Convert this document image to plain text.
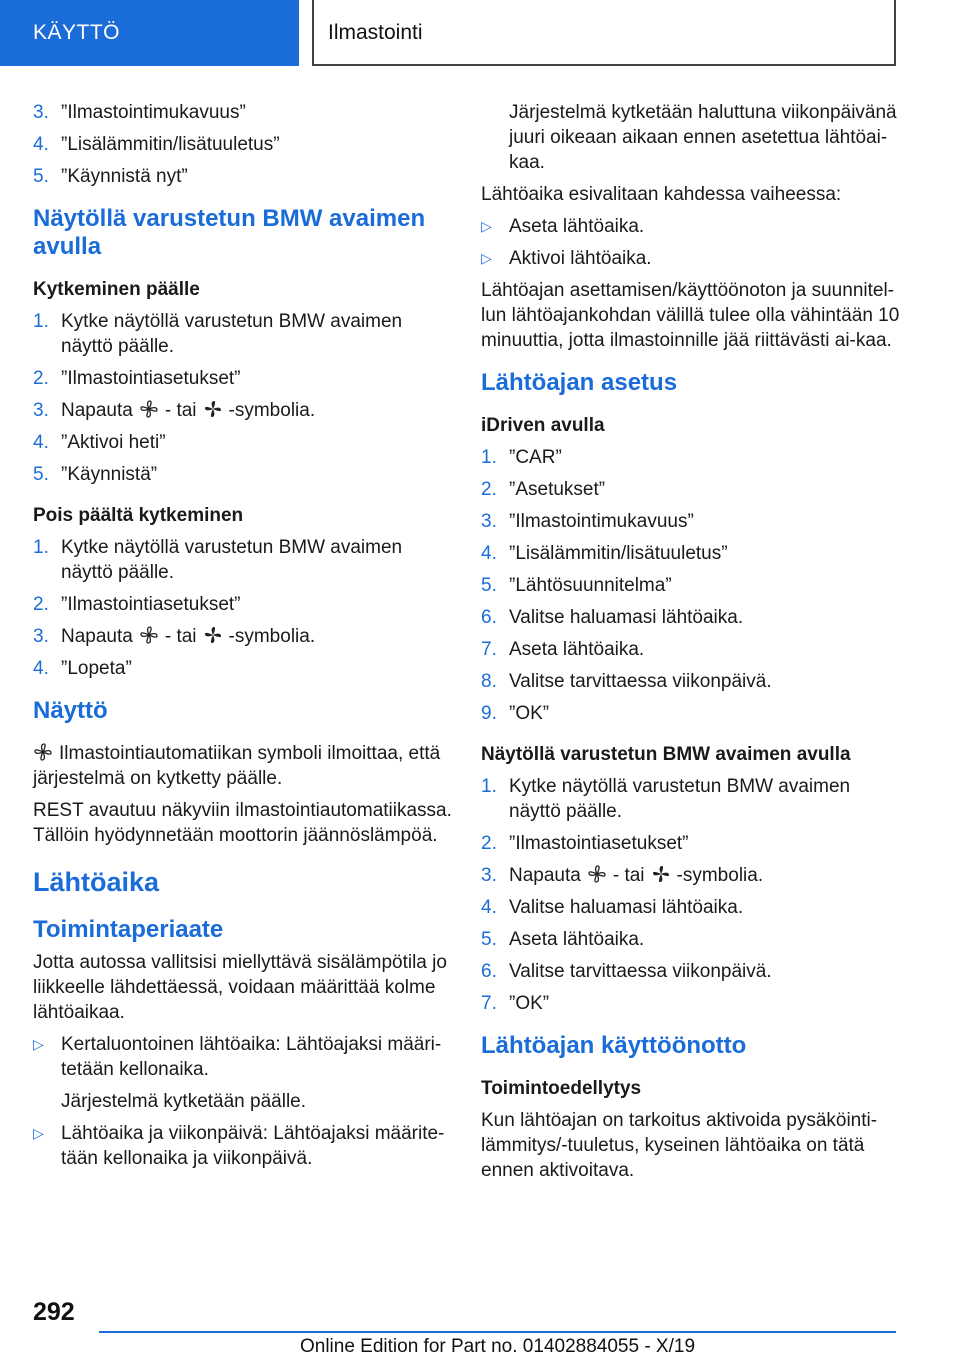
KÄYTTÖ	Ilmastointi
3. ”Ilmastointimukavuus”
4. ”Lisälämmitin/lisätuuletus”
5. ”Käynnistä nyt”
Näytöllä varustetun BMW avaimen avulla
Kytkeminen päälle
1. Kytke näytöllä varustetun BMW avaimen näyttö päälle.
2. ”Ilmastointiasetukset”
3. Napauta - tai -symbolia.
4. ”Aktivoi heti”
5. ”Käynnistä”
Pois päältä kytkeminen
1. Kytke näytöllä varustetun BMW avaimen näyttö päälle.
2. ”Ilmastointiasetukset”
3. Napauta - tai -symbolia.
4. ”Lopeta”
Näyttö
Ilmastointiautomatiikan symboli ilmoittaa, että järjestelmä on kytketty päälle.
REST avautuu näkyviin ilmastointiautomatiikassa. Tällöin hyödynnetään moottorin jäännöslämpöä.
Lähtöaika
Toimintaperiaate
Jotta autossa vallitsisi miellyttävä sisälämpötila jo liikkeelle lähdettäessä, voidaan määrittää kolme lähtöaikaa.
▷ Kertaluontoinen lähtöaika: Lähtöajaksi määri-tetään kellonaika.
Järjestelmä kytketään päälle.
▷ Lähtöaika ja viikonpäivä: Lähtöajaksi määrite-tään kellonaika ja viikonpäivä.
Järjestelmä kytketään haluttuna viikonpäivänä juuri oikeaan aikaan ennen asetettua lähtöai-kaa.
Lähtöaika esivalitaan kahdessa vaiheessa:
▷ Aseta lähtöaika.
▷ Aktivoi lähtöaika.
Lähtöajan asettamisen/käyttöönoton ja suunnitel-lun lähtöajankohdan välillä tulee olla vähintään 10 minuuttia, jotta ilmastoinnille jää riittävästi ai-kaa.
Lähtöajan asetus
iDriven avulla
1. ”CAR”
2. ”Asetukset”
3. ”Ilmastointimukavuus”
4. ”Lisälämmitin/lisätuuletus”
5. ”Lähtösuunnitelma”
6. Valitse haluamasi lähtöaika.
7. Aseta lähtöaika.
8. Valitse tarvittaessa viikonpäivä.
9. ”OK”
Näytöllä varustetun BMW avaimen avulla
1. Kytke näytöllä varustetun BMW avaimen näyttö päälle.
2. ”Ilmastointiasetukset”
3. Napauta - tai -symbolia.
4. Valitse haluamasi lähtöaika.
5. Aseta lähtöaika.
6. Valitse tarvittaessa viikonpäivä.
7. ”OK”
Lähtöajan käyttöönotto
Toimintoedellytys
Kun lähtöajan on tarkoitus aktivoida pysäköinti-lämmitys/-tuuletus, kyseinen lähtöaika on tätä ennen aktivoitava.
292
Online Edition for Part no. 01402884055 - X/19
